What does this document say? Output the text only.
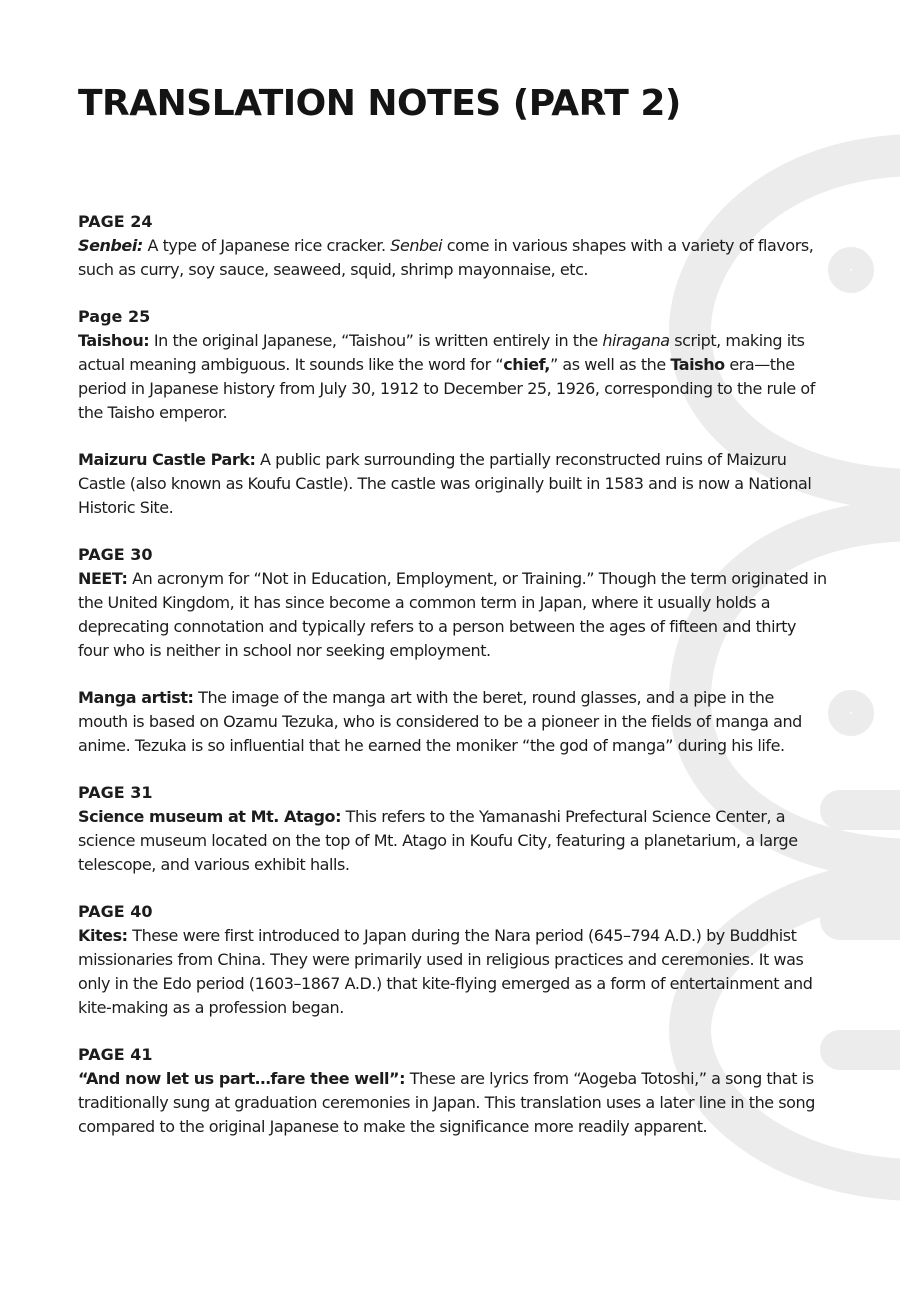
TRANSLATION NOTES (PART 2)

PAGE 24

Senbei: A type of Japanese rice cracker. Senbei come in various shapes with a variety of flavors, such as curry, soy sauce, seaweed, squid, shrimp mayonnaise, etc.

Page 25

Taishou: In the original Japanese, “Taishou” is written entirely in the hiragana script, making its actual meaning ambiguous. It sounds like the word for “chief,” as well as the Taisho era—the period in Japanese history from July 30, 1912 to December 25, 1926, corresponding to the rule of the Taisho emperor.

Maizuru Castle Park: A public park surrounding the partially reconstructed ruins of Maizuru Castle (also known as Koufu Castle). The castle was originally built in 1583 and is now a National Historic Site.

PAGE 30

NEET: An acronym for “Not in Education, Employment, or Training.” Though the term originated in the United Kingdom, it has since become a common term in Japan, where it usually holds a deprecating connotation and typically refers to a person between the ages of fifteen and thirty four who is neither in school nor seeking employment.

Manga artist: The image of the manga art with the beret, round glasses, and a pipe in the mouth is based on Ozamu Tezuka, who is considered to be a pioneer in the fields of manga and anime. Tezuka is so influential that he earned the moniker “the god of manga” during his life.

PAGE 31

Science museum at Mt. Atago: This refers to the Yamanashi Prefectural Science Center, a science museum located on the top of Mt. Atago in Koufu City, featuring a planetarium, a large telescope, and various exhibit halls.

PAGE 40

Kites: These were first introduced to Japan during the Nara period (645–794 A.D.) by Buddhist missionaries from China. They were primarily used in religious practices and ceremonies. It was only in the Edo period (1603–1867 A.D.) that kite-flying emerged as a form of entertainment and kite-making as a profession began.

PAGE 41

“And now let us part…fare thee well”: These are lyrics from “Aogeba Totoshi,” a song that is traditionally sung at graduation ceremonies in Japan. This translation uses a later line in the song compared to the original Japanese to make the significance more readily apparent.
